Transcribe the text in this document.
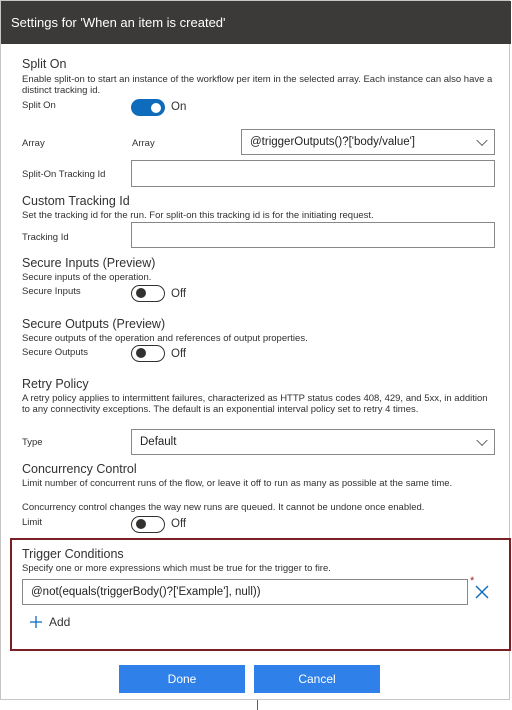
Settings for 'When an item is created'
Split On
Enable split-on to start an instance of the workflow per item in the selected array. Each instance can also have a distinct tracking id.
Split On	On
Array	Array	@triggerOutputs()?['body/value']
Split-On Tracking Id
Custom Tracking Id
Set the tracking id for the run. For split-on this tracking id is for the initiating request.
Tracking Id
Secure Inputs (Preview)
Secure inputs of the operation.
Secure Inputs	Off
Secure Outputs (Preview)
Secure outputs of the operation and references of output properties.
Secure Outputs	Off
Retry Policy
A retry policy applies to intermittent failures, characterized as HTTP status codes 408, 429, and 5xx, in addition to any connectivity exceptions. The default is an exponential interval policy set to retry 4 times.
Type	Default
Concurrency Control
Limit number of concurrent runs of the flow, or leave it off to run as many as possible at the same time.
Concurrency control changes the way new runs are queued. It cannot be undone once enabled.
Limit	Off
Trigger Conditions
Specify one or more expressions which must be true for the trigger to fire.
@not(equals(triggerBody()?['Example'], null))
*
Add
Done	Cancel
